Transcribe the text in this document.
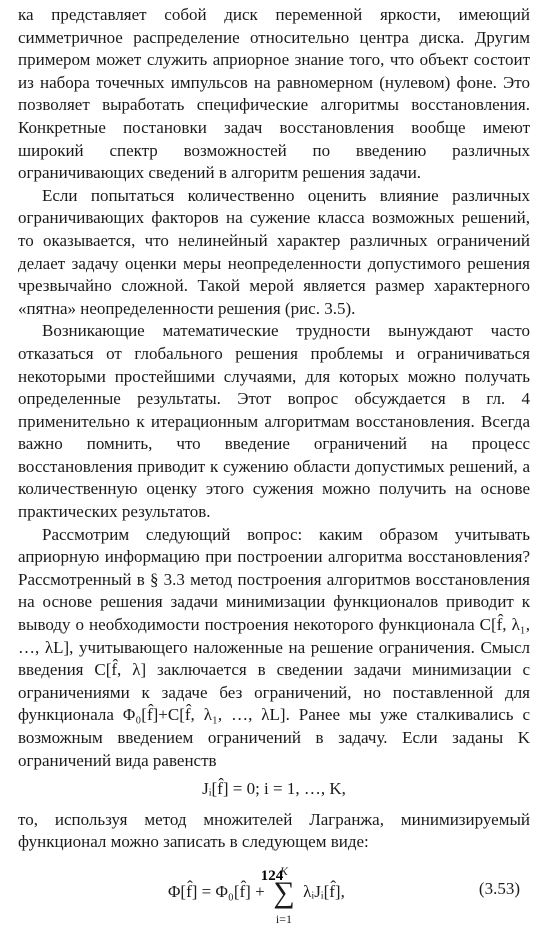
ка представляет собой диск переменной яркости, имеющий симметричное распределение относительно центра диска. Другим примером может служить априорное знание того, что объект состоит из набора точечных импульсов на равномерном (нулевом) фоне. Это позволяет выработать специфические алгоритмы восстановления. Конкретные постановки задач восстановления вообще имеют широкий спектр возможностей по введению различных ограничивающих сведений в алгоритм решения задачи.

Если попытаться количественно оценить влияние различных ограничивающих факторов на сужение класса возможных решений, то оказывается, что нелинейный характер различных ограничений делает задачу оценки меры неопределенности допустимого решения чрезвычайно сложной. Такой мерой является размер характерного «пятна» неопределенности решения (рис. 3.5).

Возникающие математические трудности вынуждают часто отказаться от глобального решения проблемы и ограничиваться некоторыми простейшими случаями, для которых можно получать определенные результаты. Этот вопрос обсуждается в гл. 4 применительно к итерационным алгоритмам восстановления. Всегда важно помнить, что введение ограничений на процесс восстановления приводит к сужению области допустимых решений, а количественную оценку этого сужения можно получить на основе практических результатов.

Рассмотрим следующий вопрос: каким образом учитывать априорную информацию при построении алгоритма восстановления? Рассмотренный в § 3.3 метод построения алгоритмов восстановления на основе решения задачи минимизации функционалов приводит к выводу о необходимости построения некоторого функционала C[f̂, λ₁, …, λL], учитывающего наложенные на решение ограничения. Смысл введения C[f̂, λ] заключается в сведении задачи минимизации с ограничениями к задаче без ограничений, но поставленной для функционала Φ₀[f̂]+C[f̂, λ₁, …, λL]. Ранее мы уже сталкивались с возможным введением ограничений в задачу. Если заданы K ограничений вида равенств

Jᵢ[f̂] = 0; i = 1, …, K,

то, используя метод множителей Лагранжа, минимизируемый функционал можно записать в следующем виде:

Φ[f̂] = Φ₀[f̂] +
K
∑
i=1
λᵢJᵢ[f̂],	(3.53)
124
